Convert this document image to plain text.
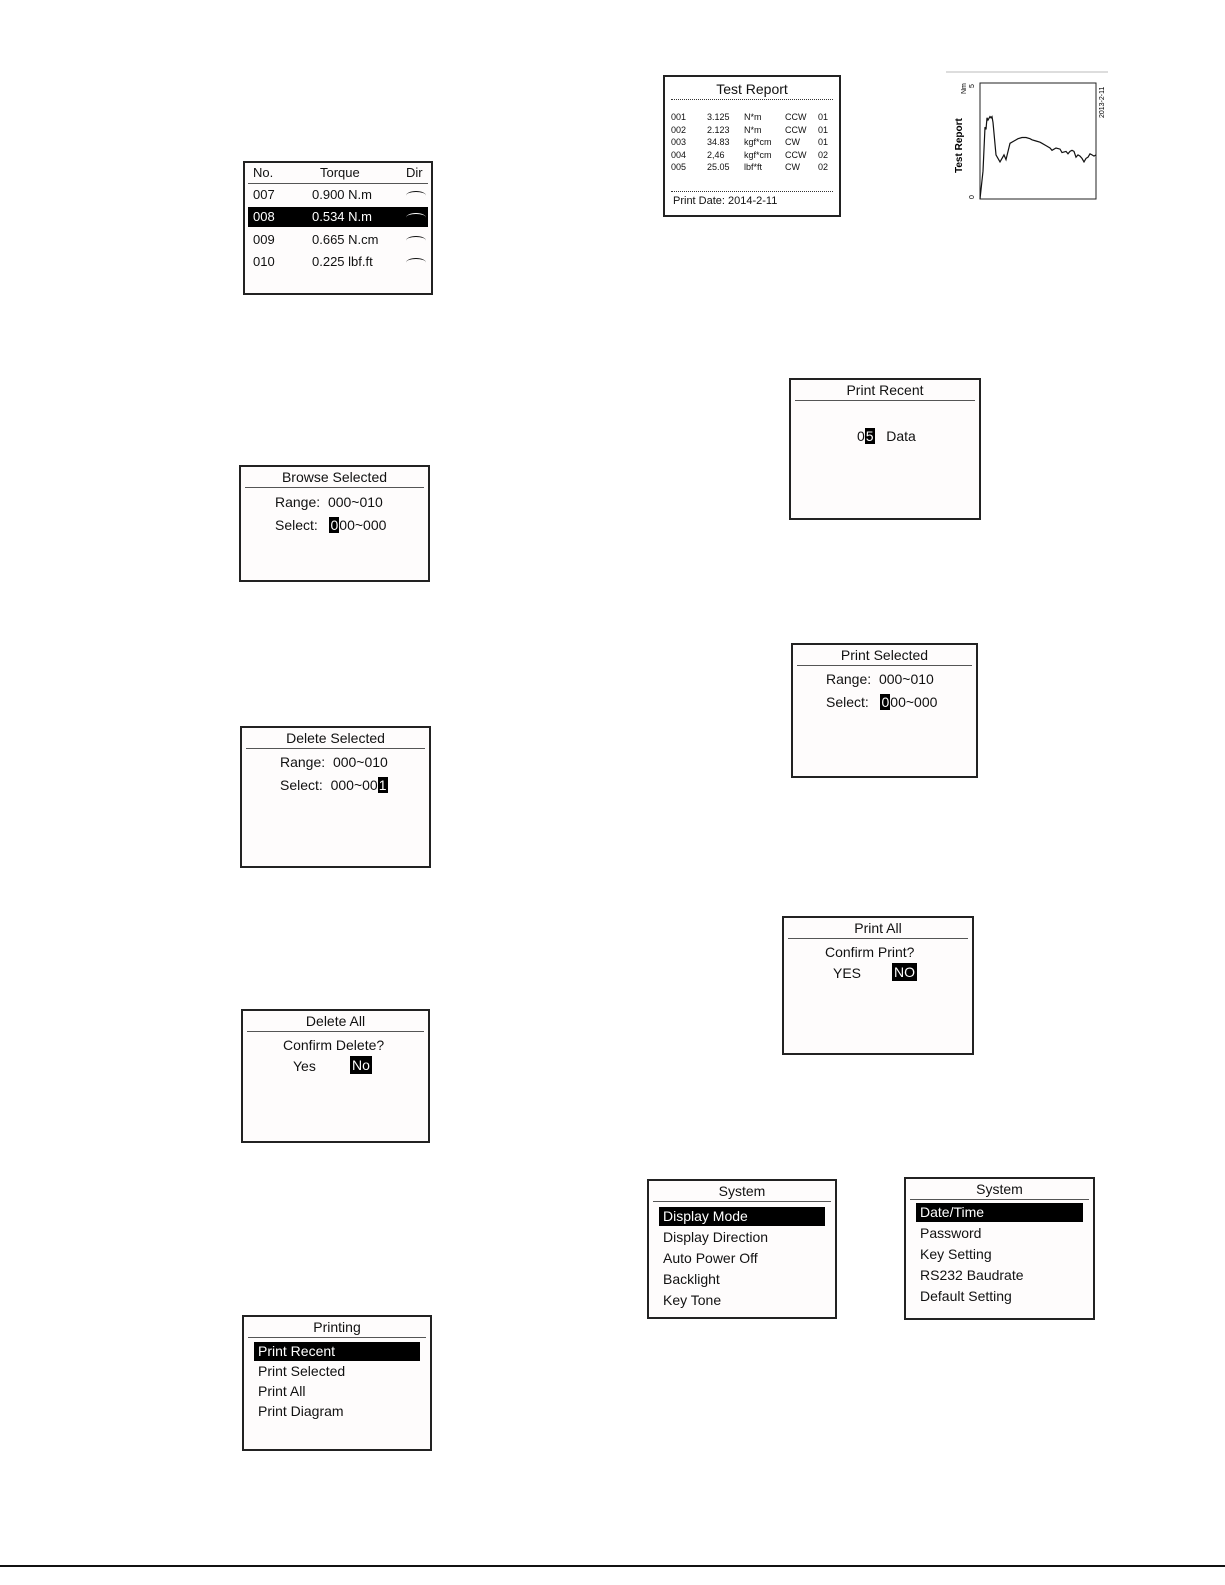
No.	Torque	Dir
007	0.900 N.m
008	0.534 N.m
009	0.665 N.cm
010	0.225 lbf.ft
Browse Selected
Range: 000~010
Select: 000~000
Delete Selected
Range: 000~010
Select: 000~001
Delete All
Confirm Delete?
Yes	No
Printing
Print Recent
Print Selected
Print All
Print Diagram
Test Report
001 3.125 N*m	CCW 01
002 2.123 N*m	CCW 01
003 34.83 kgf*cm CW 01
004 2,46 kgf*cm CCW 02
005 25.05 lbf*ft	CW 02
Print Date: 2014-2-11
Test Report
Nm 5
0
2013-2-11
Print Recent
05 Data
Print Selected
Range: 000~010
Select: 000~000
Print All
Confirm Print?
YES NO
System
Display Mode
Display Direction
Auto Power Off
Backlight
Key Tone
System
Date/Time
Password
Key Setting
RS232 Baudrate
Default Setting
